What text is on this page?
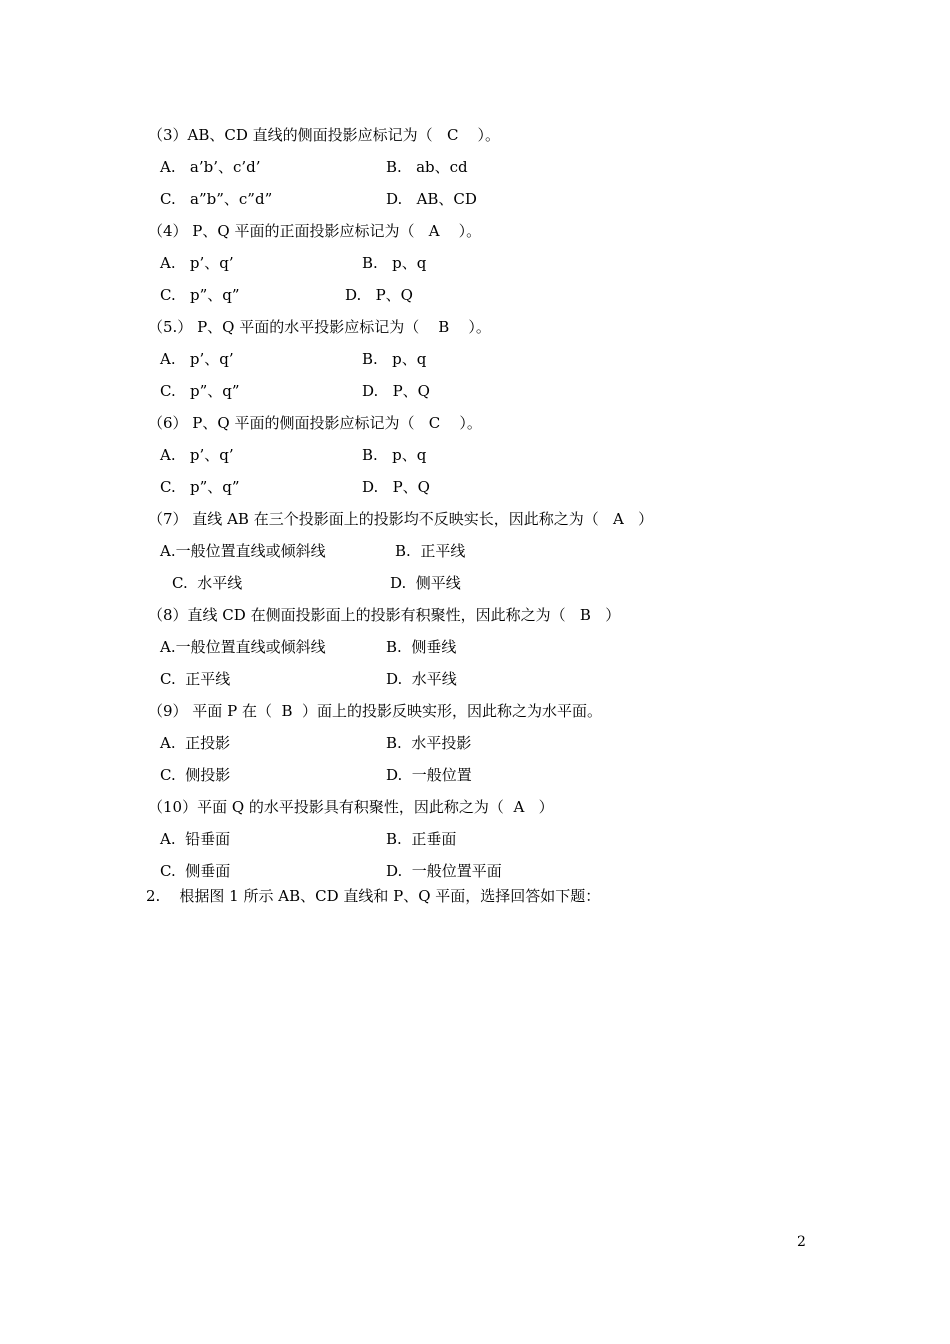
（3）AB、CD 直线的侧面投影应标记为（   C    ）。
A.   a’b’、c’d’	B.   ab、cd
C.   a”b”、c”d”	D.   AB、CD
（4） P、Q 平面的正面投影应标记为（   A    ）。
A.   p’、q’	B.   p、q
C.   p”、q”	D.   P、Q
（5.） P、Q 平面的水平投影应标记为（    B    ）。
A.   p’、q’	B.   p、q
C.   p”、q”	D.   P、Q
（6） P、Q 平面的侧面投影应标记为（   C    ）。
A.   p’、q’	B.   p、q
C.   p”、q”	D.   P、Q
（7） 直线 AB 在三个投影面上的投影均不反映实长，因此称之为（   A   ）
A.一般位置直线或倾斜线	B.  正平线
C.  水平线	D.  侧平线
（8）直线 CD 在侧面投影面上的投影有积聚性，因此称之为（   B   ）
A.一般位置直线或倾斜线	B.  侧垂线
C.  正平线	D.  水平线
（9） 平面 P 在（  B  ）面上的投影反映实形，因此称之为水平面。
A.  正投影	B.  水平投影
C.  侧投影	D.  一般位置
（10）平面 Q 的水平投影具有积聚性，因此称之为（  A   ）
A.  铅垂面	B.  正垂面
C.  侧垂面	D.  一般位置平面
2.    根据图 1 所示 AB、CD 直线和 P、Q 平面，选择回答如下题：
2
